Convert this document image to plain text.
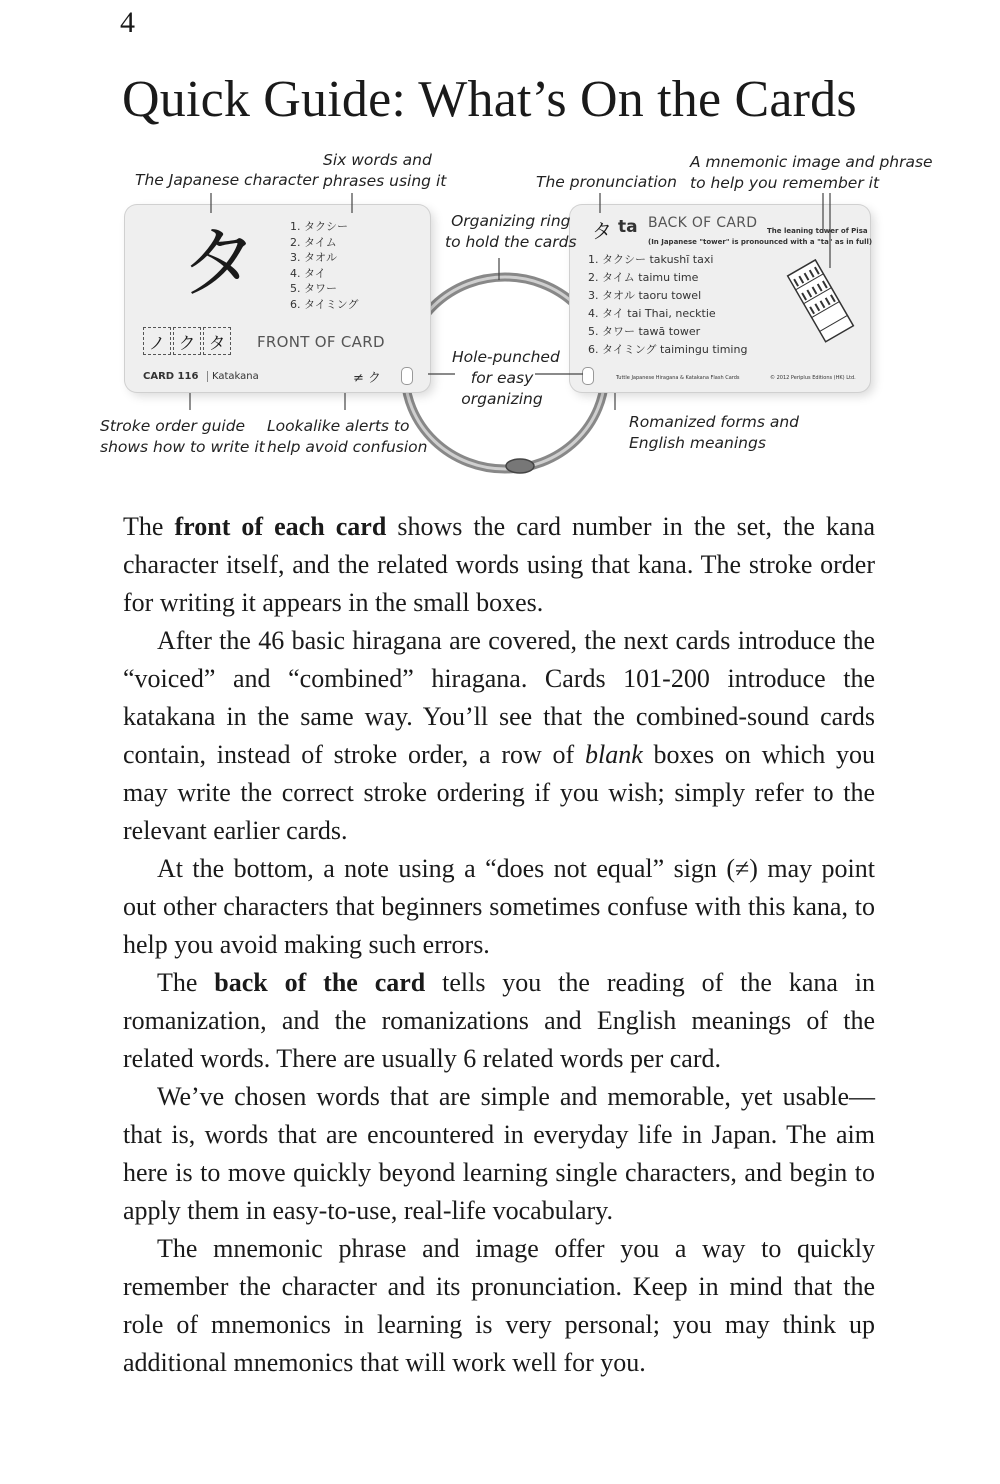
4
Quick Guide: What’s On the Cards
タ	1. タクシー
2. タイム
3. タオル
4. タイ
5. タワー
6. タイミング
ノ ク タ	FRONT OF CARD
CARD 116	Katakana	≠ ク
タ ta BACK OF CARD The leaning tower of Pisa
(In Japanese "tower" is pronounced with a "ta" as in full)
1. タクシー takushī taxi
2. タイム taimu time
3. タオル taoru towel
4. タイ tai Thai, necktie
5. タワー tawā tower
6. タイミング taimingu timing
Tuttle Japanese Hiragana & Katakana Flash Cards	© 2012 Periplus Editions (HK) Ltd.
The Japanese character
Six words and
phrases using it	The pronunciation
A mnemonic image and phrase
to help you remember it
Organizing ring
to hold the cards
Hole-punched
for easy
organizing
Stroke order guide
shows how to write it
Lookalike alerts to
help avoid confusion
Romanized forms and
English meanings

The front of each card shows the card number in the set, the kana character itself, and the related words using that kana. The stroke order for writing it appears in the small boxes.

After the 46 basic hiragana are covered, the next cards introduce the “voiced” and “combined” hiragana. Cards 101-200 introduce the katakana in the same way. You’ll see that the combined-sound cards contain, instead of stroke order, a row of blank boxes on which you may write the correct stroke ordering if you wish; simply refer to the relevant earlier cards.

At the bottom, a note using a “does not equal” sign (≠) may point out other characters that beginners sometimes confuse with this kana, to help you avoid making such errors.

The back of the card tells you the reading of the kana in romanization, and the romanizations and English meanings of the related words. There are usually 6 related words per card.

We’ve chosen words that are simple and memorable, yet usable—that is, words that are encountered in everyday life in Japan. The aim here is to move quickly beyond learning single characters, and begin to apply them in easy-to-use, real-life vocabulary.

The mnemonic phrase and image offer you a way to quickly remember the character and its pronunciation. Keep in mind that the role of mnemonics in learning is very personal; you may think up additional mnemonics that will work well for you.
